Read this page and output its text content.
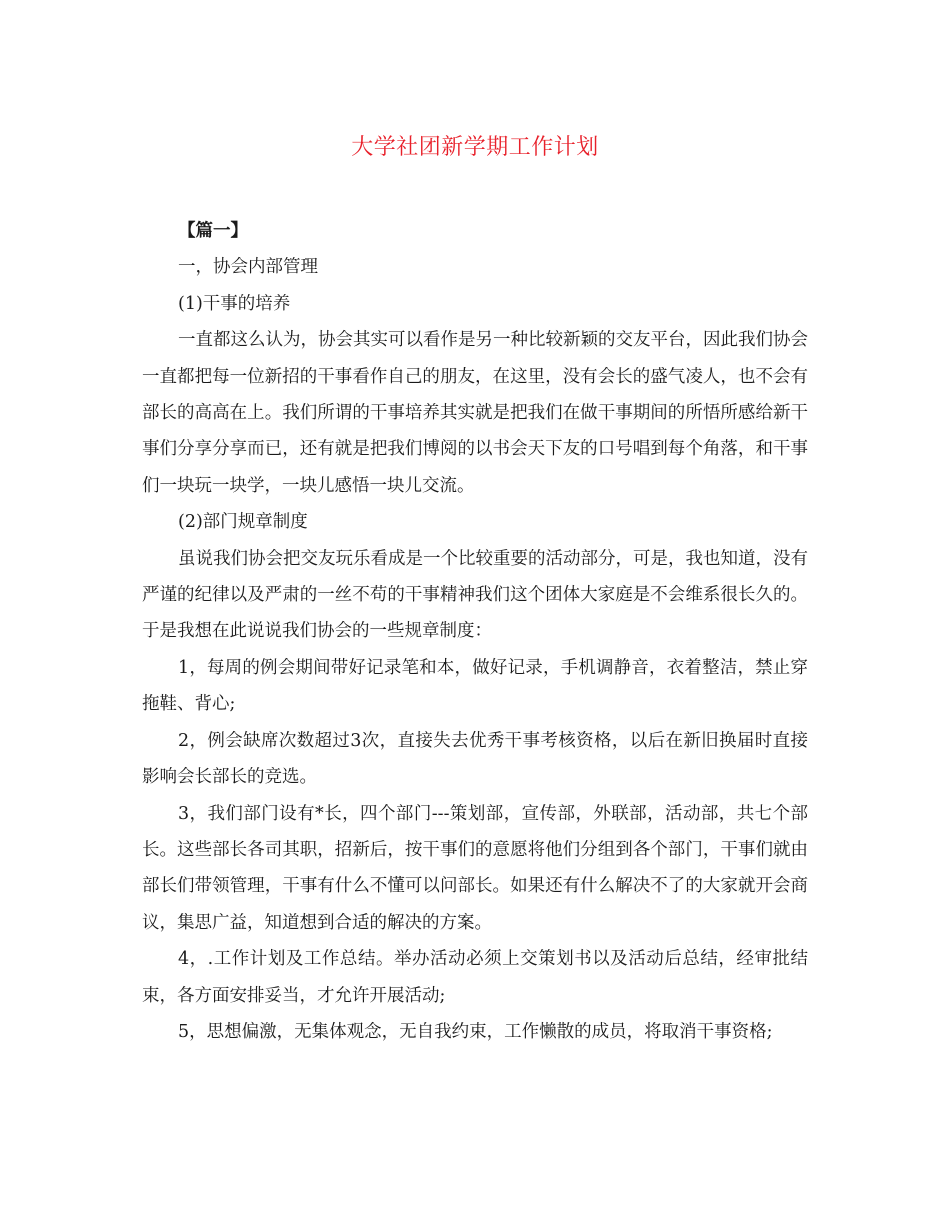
大学社团新学期工作计划

【篇一】

一，协会内部管理

(1)干事的培养

一直都这么认为，协会其实可以看作是另一种比较新颖的交友平台，因此我们协会一直都把每一位新招的干事看作自己的朋友，在这里，没有会长的盛气凌人，也不会有部长的高高在上。我们所谓的干事培养其实就是把我们在做干事期间的所悟所感给新干事们分享分享而已，还有就是把我们博阅的以书会天下友的口号唱到每个角落，和干事们一块玩一块学，一块儿感悟一块儿交流。

(2)部门规章制度

虽说我们协会把交友玩乐看成是一个比较重要的活动部分，可是，我也知道，没有严谨的纪律以及严肃的一丝不苟的干事精神我们这个团体大家庭是不会维系很长久的。于是我想在此说说我们协会的一些规章制度：

1，每周的例会期间带好记录笔和本，做好记录，手机调静音，衣着整洁，禁止穿拖鞋、背心;

2，例会缺席次数超过3次，直接失去优秀干事考核资格，以后在新旧换届时直接影响会长部长的竞选。

3，我们部门设有*长，四个部门---策划部，宣传部，外联部，活动部，共七个部长。这些部长各司其职，招新后，按干事们的意愿将他们分组到各个部门，干事们就由部长们带领管理，干事有什么不懂可以问部长。如果还有什么解决不了的大家就开会商议，集思广益，知道想到合适的解决的方案。

4，.工作计划及工作总结。举办活动必须上交策划书以及活动后总结，经审批结束，各方面安排妥当，才允许开展活动;

5，思想偏激，无集体观念，无自我约束，工作懒散的成员，将取消干事资格;
